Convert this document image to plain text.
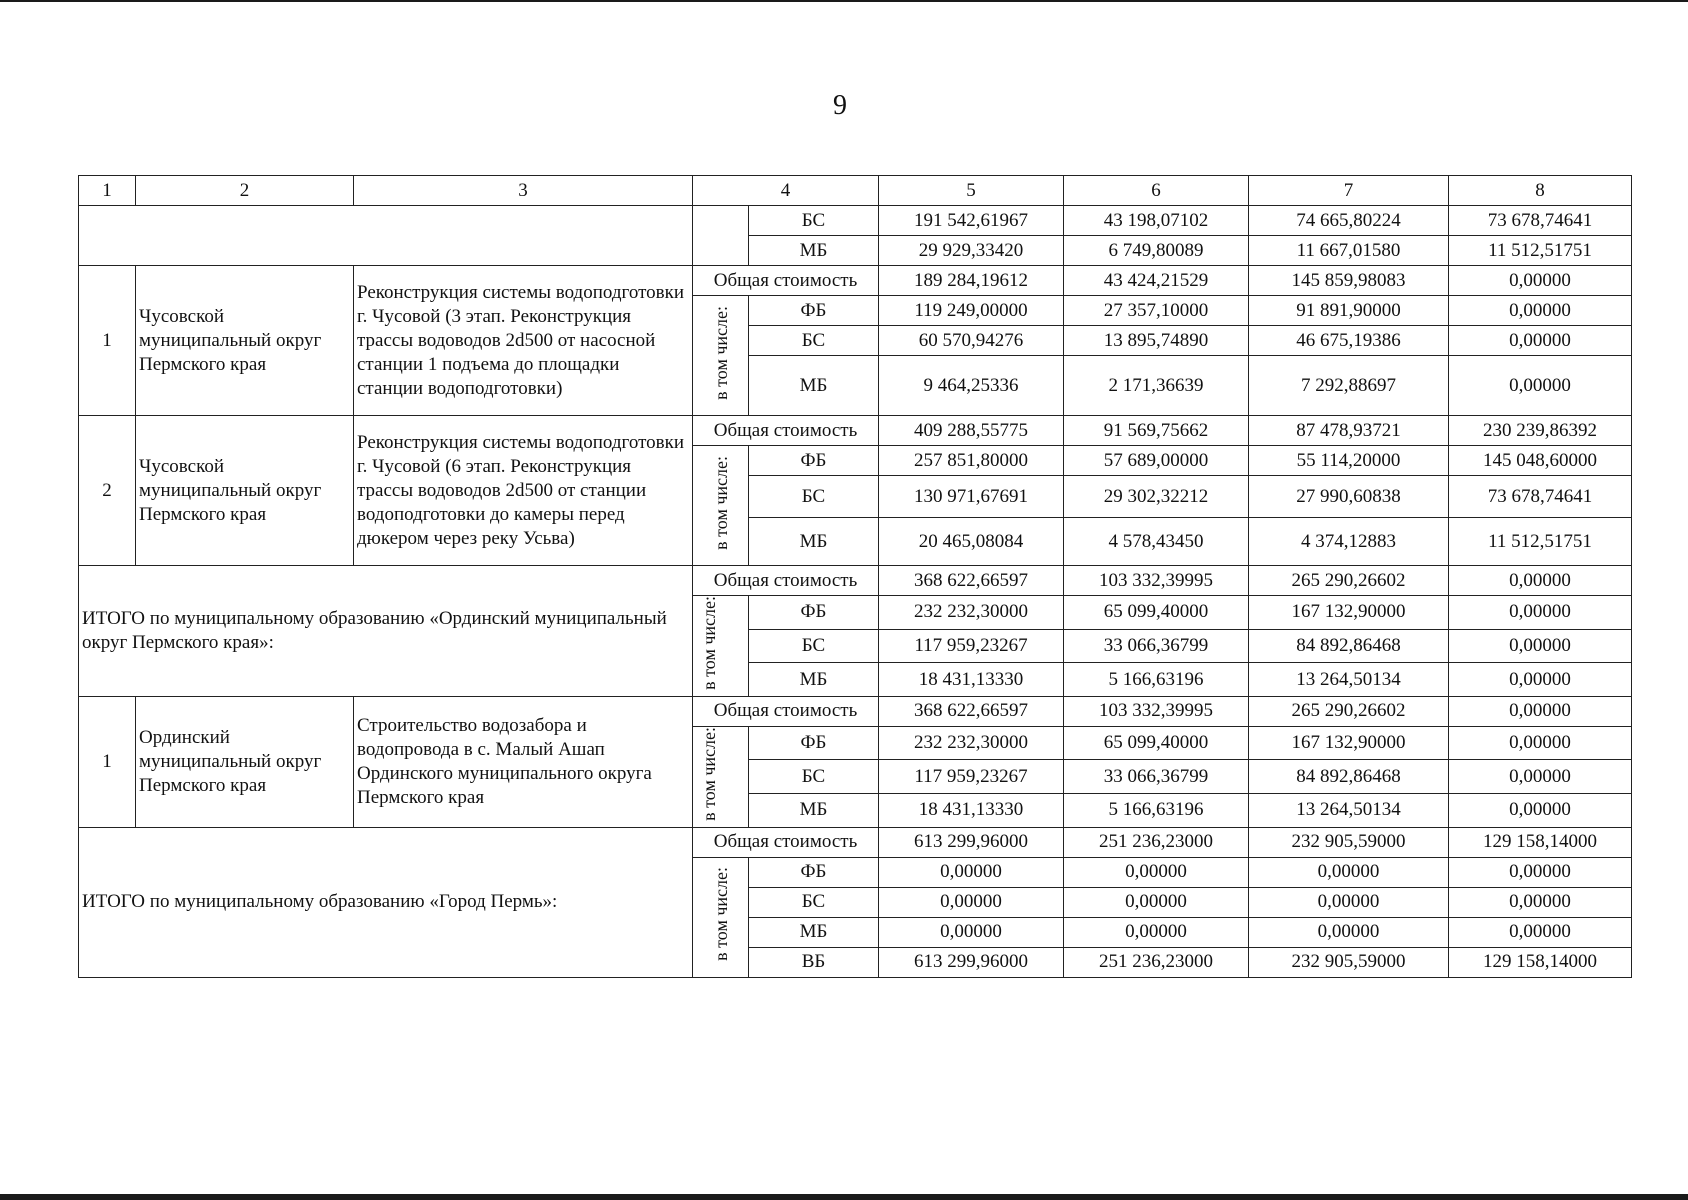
9
1	2	3	4		5	6	7	8
				БС	191 542,61967	43 198,07102	74 665,80224	73 678,74641
				МБ	29 929,33420	6 749,80089	11 667,01580	11 512,51751
1	Чусовской муниципальный округ Пермского края	Реконструкция системы водоподготовки г. Чусовой (3 этап. Реконструкция трассы водоводов 2d500 от насосной станции 1 подъема до площадки станции водоподготовки)	Общая стоимость		189 284,19612	43 424,21529	145 859,98083	0,00000
			в том числе:	ФБ	119 249,00000	27 357,10000	91 891,90000	0,00000
				БС	60 570,94276	13 895,74890	46 675,19386	0,00000
				МБ	9 464,25336	2 171,36639	7 292,88697	0,00000
2	Чусовской муниципальный округ Пермского края	Реконструкция системы водоподготовки г. Чусовой (6 этап. Реконструкция трассы водоводов 2d500 от станции водоподготовки до камеры перед дюкером через реку Усьва)	Общая стоимость		409 288,55775	91 569,75662	87 478,93721	230 239,86392
			в том числе:	ФБ	257 851,80000	57 689,00000	55 114,20000	145 048,60000
				БС	130 971,67691	29 302,32212	27 990,60838	73 678,74641
				МБ	20 465,08084	4 578,43450	4 374,12883	11 512,51751
ИТОГО по муниципальному образованию «Ординский муниципальный округ Пермского края»:			Общая стоимость		368 622,66597	103 332,39995	265 290,26602	0,00000
			в том числе:	ФБ	232 232,30000	65 099,40000	167 132,90000	0,00000
				БС	117 959,23267	33 066,36799	84 892,86468	0,00000
				МБ	18 431,13330	5 166,63196	13 264,50134	0,00000
1	Ординский муниципальный округ Пермского края	Строительство водозабора и водопровода в с. Малый Ашап Ординского муниципального округа Пермского края	Общая стоимость		368 622,66597	103 332,39995	265 290,26602	0,00000
			в том числе:	ФБ	232 232,30000	65 099,40000	167 132,90000	0,00000
				БС	117 959,23267	33 066,36799	84 892,86468	0,00000
				МБ	18 431,13330	5 166,63196	13 264,50134	0,00000
ИТОГО по муниципальному образованию «Город Пермь»:			Общая стоимость		613 299,96000	251 236,23000	232 905,59000	129 158,14000
			в том числе:	ФБ	0,00000	0,00000	0,00000	0,00000
				БС	0,00000	0,00000	0,00000	0,00000
				МБ	0,00000	0,00000	0,00000	0,00000
				ВБ	613 299,96000	251 236,23000	232 905,59000	129 158,14000
